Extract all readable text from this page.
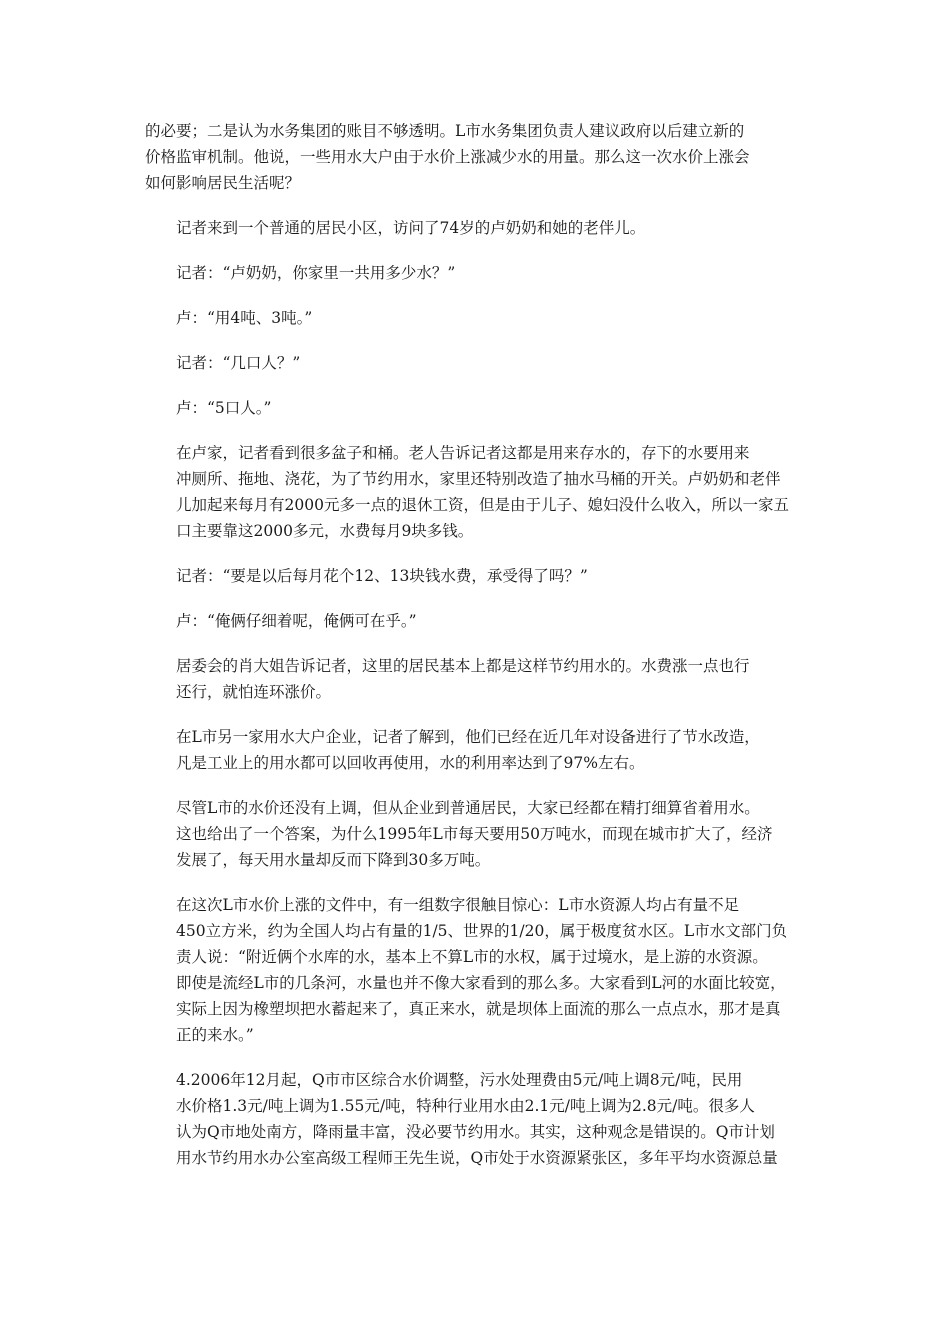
的必要；二是认为水务集团的账目不够透明。L市水务集团负责人建议政府以后建立新的
价格监审机制。他说，一些用水大户由于水价上涨减少水的用量。那么这一次水价上涨会
如何影响居民生活呢？

记者来到一个普通的居民小区，访问了74岁的卢奶奶和她的老伴儿。

记者：“卢奶奶，你家里一共用多少水？”

卢：“用4吨、3吨。”

记者：“几口人？”

卢：“5口人。”

在卢家，记者看到很多盆子和桶。老人告诉记者这都是用来存水的，存下的水要用来
冲厕所、拖地、浇花，为了节约用水，家里还特别改造了抽水马桶的开关。卢奶奶和老伴
儿加起来每月有2000元多一点的退休工资，但是由于儿子、媳妇没什么收入，所以一家五
口主要靠这2000多元，水费每月9块多钱。

记者：“要是以后每月花个12、13块钱水费，承受得了吗？”

卢：“俺俩仔细着呢，俺俩可在乎。”

居委会的肖大姐告诉记者，这里的居民基本上都是这样节约用水的。水费涨一点也行
还行，就怕连环涨价。

在L市另一家用水大户企业，记者了解到，他们已经在近几年对设备进行了节水改造，
凡是工业上的用水都可以回收再使用，水的利用率达到了97%左右。

尽管L市的水价还没有上调，但从企业到普通居民，大家已经都在精打细算省着用水。
这也给出了一个答案，为什么1995年L市每天要用50万吨水，而现在城市扩大了，经济
发展了，每天用水量却反而下降到30多万吨。

在这次L市水价上涨的文件中，有一组数字很触目惊心：L市水资源人均占有量不足
450立方米，约为全国人均占有量的1/5、世界的1/20，属于极度贫水区。L市水文部门负
责人说：“附近俩个水库的水，基本上不算L市的水权，属于过境水，是上游的水资源。
即使是流经L市的几条河，水量也并不像大家看到的那么多。大家看到L河的水面比较宽，
实际上因为橡塑坝把水蓄起来了，真正来水，就是坝体上面流的那么一点点水，那才是真
正的来水。”

4.2006年12月起，Q市市区综合水价调整，污水处理费由5元/吨上调8元/吨，民用
水价格1.3元/吨上调为1.55元/吨，特种行业用水由2.1元/吨上调为2.8元/吨。很多人
认为Q市地处南方，降雨量丰富，没必要节约用水。其实，这种观念是错误的。Q市计划
用水节约用水办公室高级工程师王先生说，Q市处于水资源紧张区，多年平均水资源总量
